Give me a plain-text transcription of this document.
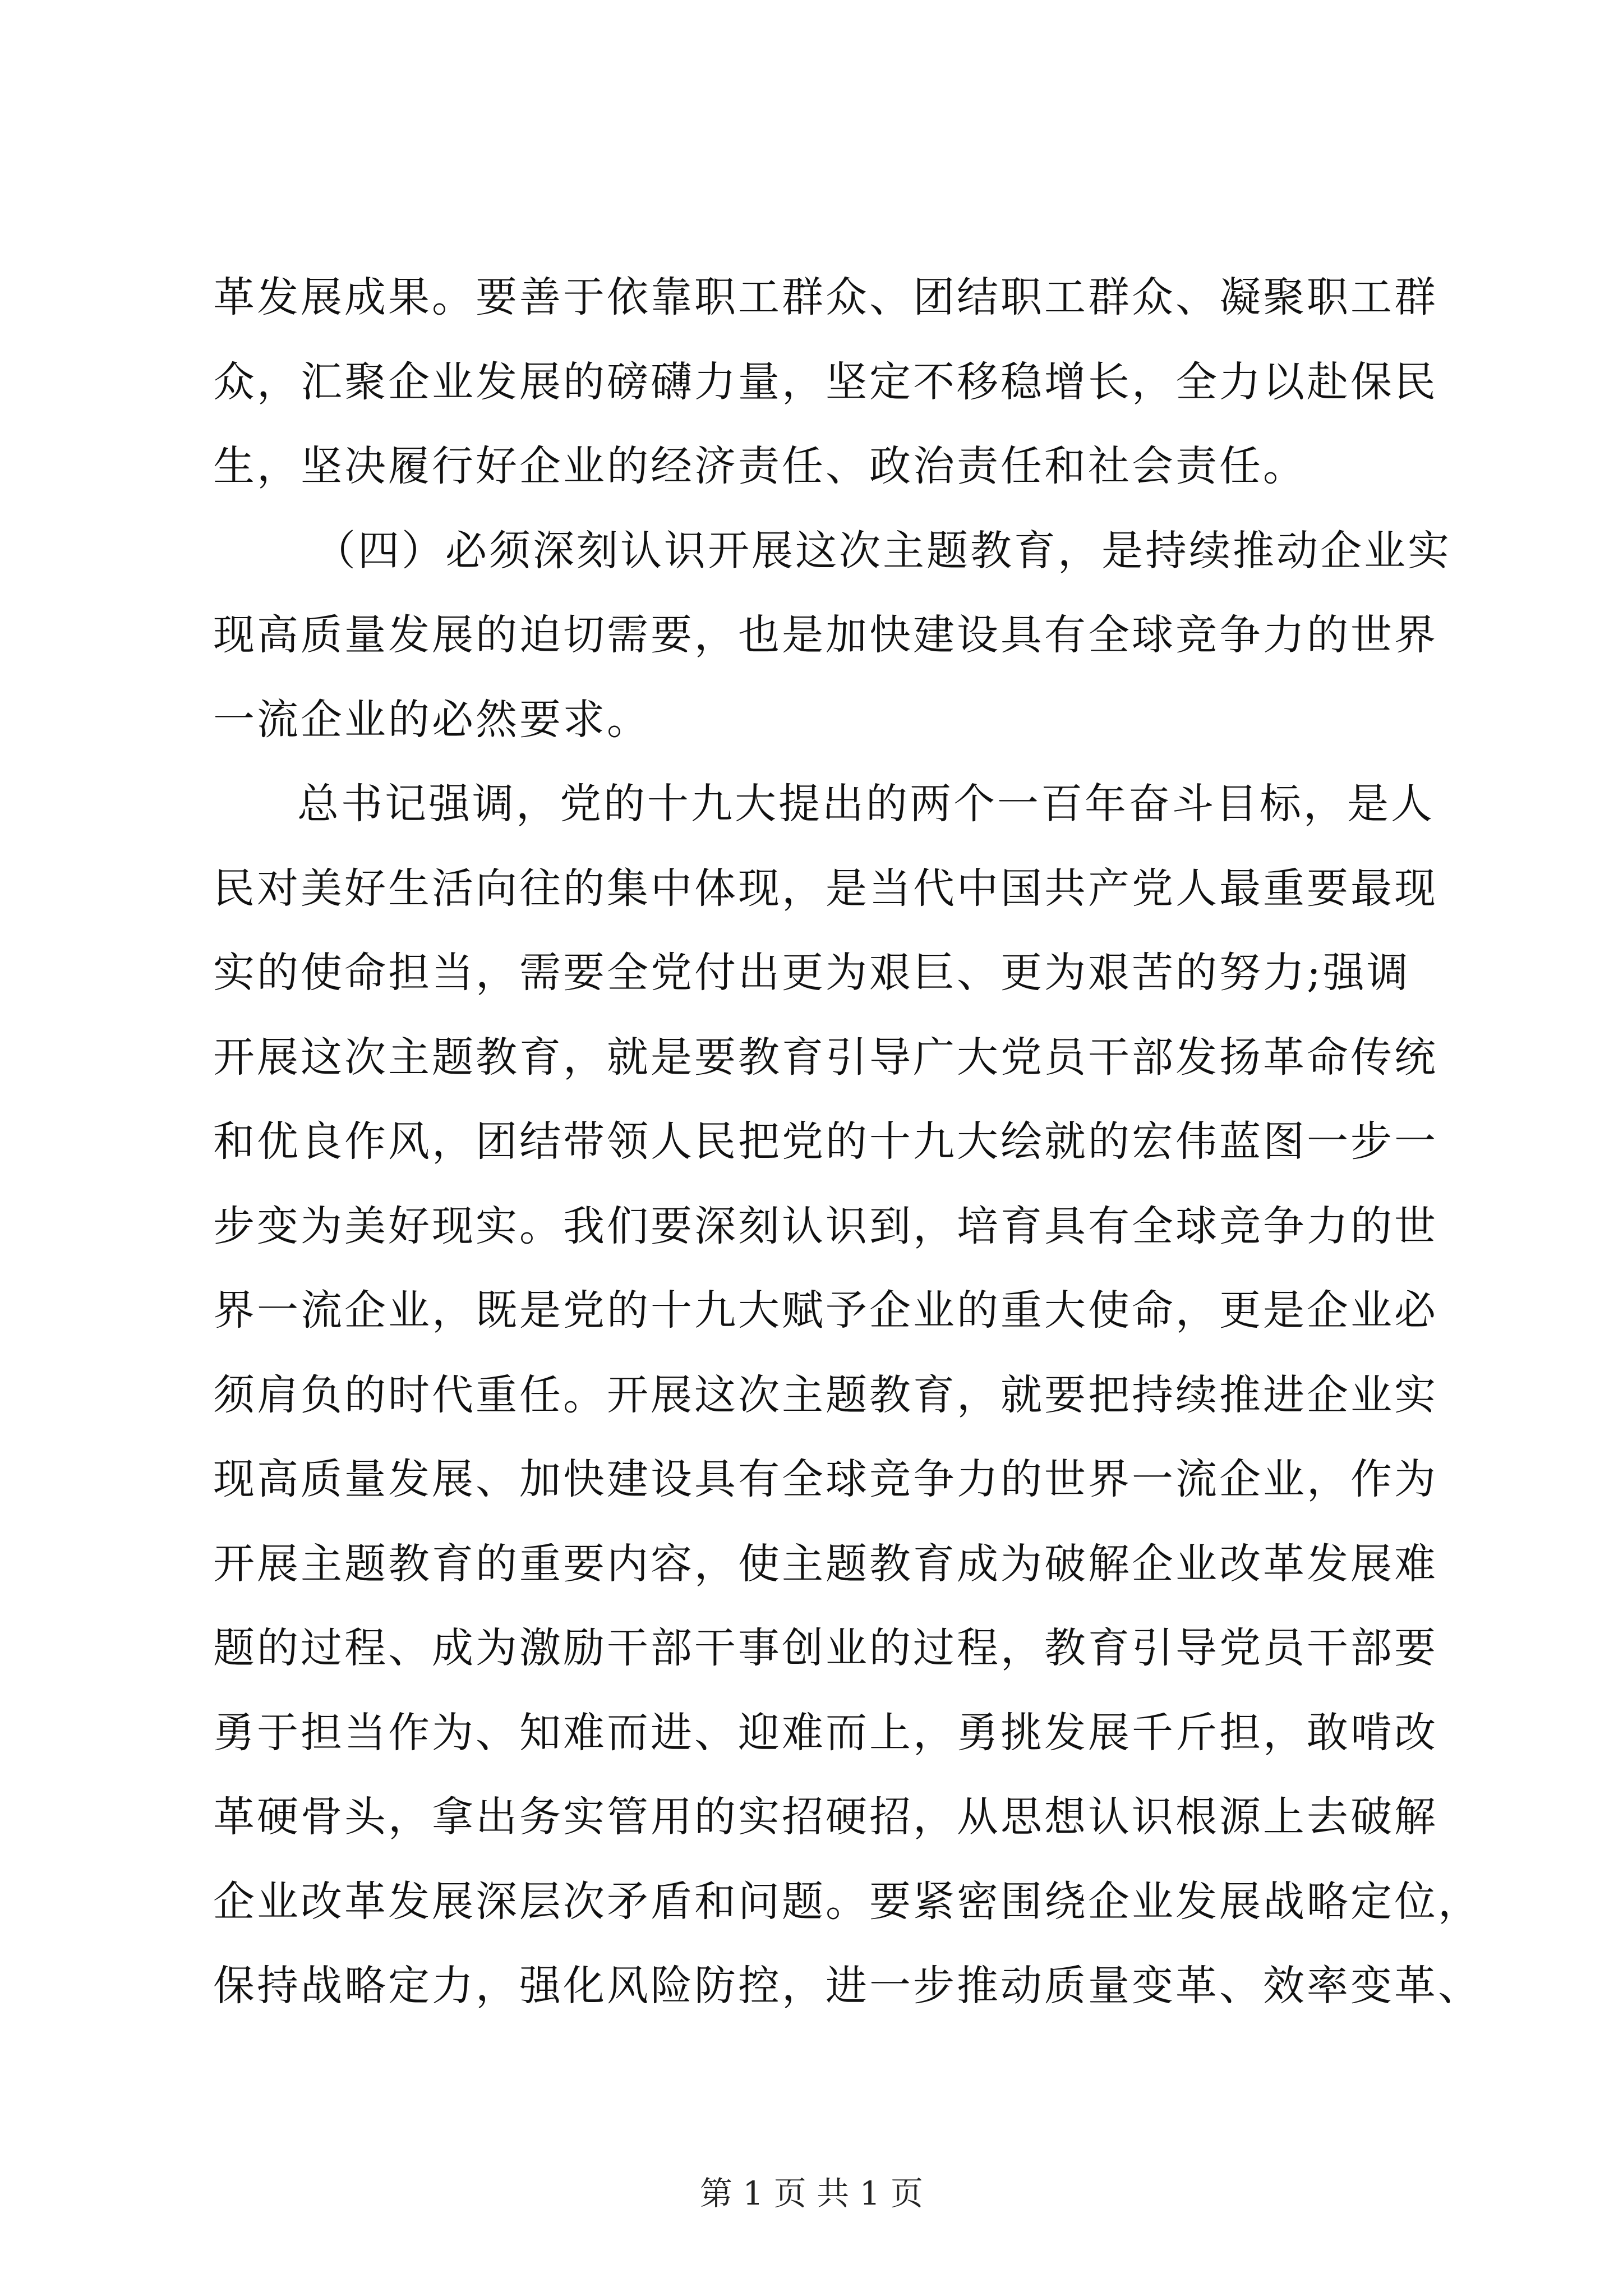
革发展成果。要善于依靠职工群众、团结职工群众、凝聚职工群
众，汇聚企业发展的磅礴力量，坚定不移稳增长，全力以赴保民
生，坚决履行好企业的经济责任、政治责任和社会责任。
（四）必须深刻认识开展这次主题教育，是持续推动企业实
现高质量发展的迫切需要，也是加快建设具有全球竞争力的世界
一流企业的必然要求。
总书记强调，党的十九大提出的两个一百年奋斗目标，是人
民对美好生活向往的集中体现，是当代中国共产党人最重要最现
实的使命担当，需要全党付出更为艰巨、更为艰苦的努力;强调
开展这次主题教育，就是要教育引导广大党员干部发扬革命传统
和优良作风，团结带领人民把党的十九大绘就的宏伟蓝图一步一
步变为美好现实。我们要深刻认识到，培育具有全球竞争力的世
界一流企业，既是党的十九大赋予企业的重大使命，更是企业必
须肩负的时代重任。开展这次主题教育，就要把持续推进企业实
现高质量发展、加快建设具有全球竞争力的世界一流企业，作为
开展主题教育的重要内容，使主题教育成为破解企业改革发展难
题的过程、成为激励干部干事创业的过程，教育引导党员干部要
勇于担当作为、知难而进、迎难而上，勇挑发展千斤担，敢啃改
革硬骨头，拿出务实管用的实招硬招，从思想认识根源上去破解
企业改革发展深层次矛盾和问题。要紧密围绕企业发展战略定位，
保持战略定力，强化风险防控，进一步推动质量变革、效率变革、
第 1 页 共 1 页
